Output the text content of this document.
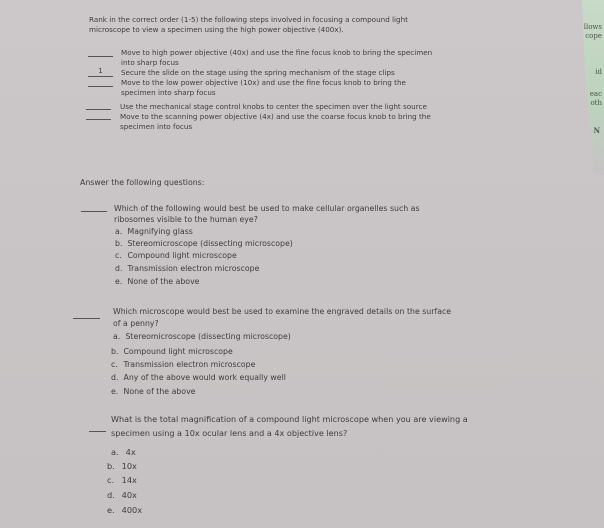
llows
cope
id
eac
oth
N
Rank in the correct order (1-5) the following steps involved in focusing a compound light
microscope to view a specimen using the high power objective (400x).
Move to high power objective (40x) and use the fine focus knob to bring the specimen
into sharp focus
1	Secure the slide on the stage using the spring mechanism of the stage clips
Move to the low power objective (10x) and use the fine focus knob to bring the
specimen into sharp focus
Use the mechanical stage control knobs to center the specimen over the light source
Move to the scanning power objective (4x) and use the coarse focus knob to bring the
specimen into focus
Answer the following questions:
Which of the following would best be used to make cellular organelles such as
ribosomes visible to the human eye?
a. Magnifying glass
b. Stereomicroscope (dissecting microscope)
c. Compound light microscope
d. Transmission electron microscope
e. None of the above
Which microscope would best be used to examine the engraved details on the surface
of a penny?
a. Stereomicroscope (dissecting microscope)
b. Compound light microscope
c. Transmission electron microscope
d. Any of the above would work equally well
e. None of the above
What is the total magnification of a compound light microscope when you are viewing a
specimen using a 10x ocular lens and a 4x objective lens?
a. 4x
b. 10x
c. 14x
d. 40x
e. 400x
